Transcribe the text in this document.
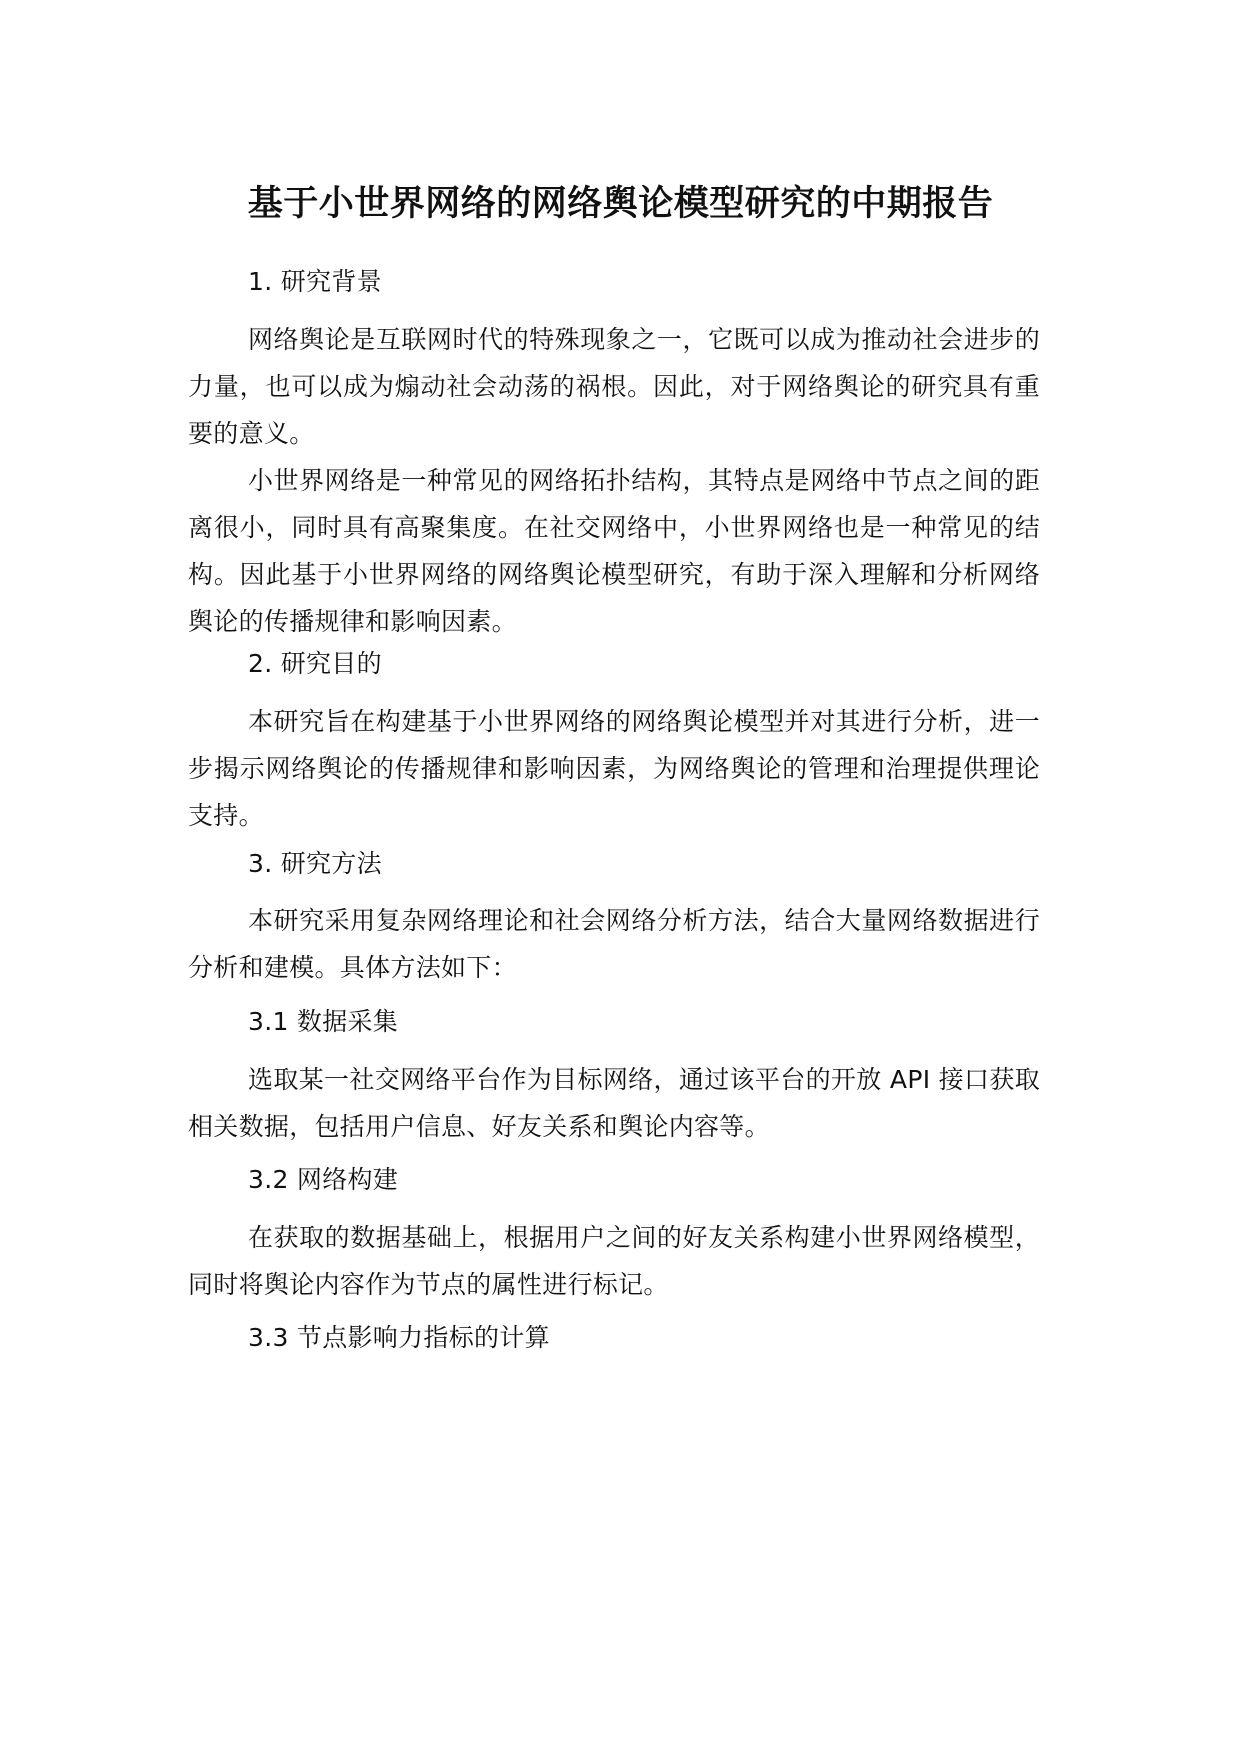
基于小世界网络的网络舆论模型研究的中期报告

1. 研究背景

网络舆论是互联网时代的特殊现象之一，它既可以成为推动社会进步的力量，也可以成为煽动社会动荡的祸根。因此，对于网络舆论的研究具有重要的意义。

小世界网络是一种常见的网络拓扑结构，其特点是网络中节点之间的距离很小，同时具有高聚集度。在社交网络中，小世界网络也是一种常见的结构。因此基于小世界网络的网络舆论模型研究，有助于深入理解和分析网络舆论的传播规律和影响因素。

2. 研究目的

本研究旨在构建基于小世界网络的网络舆论模型并对其进行分析，进一步揭示网络舆论的传播规律和影响因素，为网络舆论的管理和治理提供理论支持。

3. 研究方法

本研究采用复杂网络理论和社会网络分析方法，结合大量网络数据进行分析和建模。具体方法如下：

3.1 数据采集

选取某一社交网络平台作为目标网络，通过该平台的开放 API 接口获取相关数据，包括用户信息、好友关系和舆论内容等。

3.2 网络构建

在获取的数据基础上，根据用户之间的好友关系构建小世界网络模型，同时将舆论内容作为节点的属性进行标记。

3.3 节点影响力指标的计算
